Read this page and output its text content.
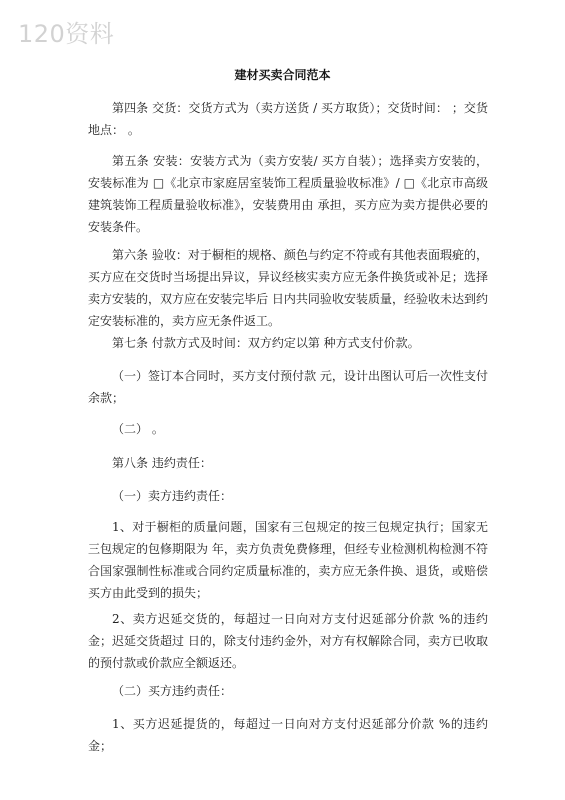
120资料
建材买卖合同范本

第四条 交货：交货方式为（卖方送货 / 买方取货）；交货时间： ；交货地点： 。

第五条 安装：安装方式为（卖方安装/ 买方自装）；选择卖方安装的，安装标准为 □《北京市家庭居室装饰工程质量验收标准》/ □《北京市高级建筑装饰工程质量验收标准》，安装费用由 承担，买方应为卖方提供必要的安装条件。

第六条 验收：对于橱柜的规格、颜色与约定不符或有其他表面瑕疵的，买方应在交货时当场提出异议，异议经核实卖方应无条件换货或补足；选择卖方安装的，双方应在安装完毕后 日内共同验收安装质量，经验收未达到约定安装标准的，卖方应无条件返工。

第七条 付款方式及时间：双方约定以第 种方式支付价款。

（一）签订本合同时，买方支付预付款 元，设计出图认可后一次性支付余款；

（二） 。

第八条 违约责任：

（一）卖方违约责任：

1、对于橱柜的质量问题，国家有三包规定的按三包规定执行；国家无三包规定的包修期限为 年，卖方负责免费修理，但经专业检测机构检测不符合国家强制性标准或合同约定质量标准的，卖方应无条件换、退货，或赔偿买方由此受到的损失；

2、卖方迟延交货的，每超过一日向对方支付迟延部分价款 %的违约金；迟延交货超过 日的，除支付违约金外，对方有权解除合同，卖方已收取的预付款或价款应全额返还。

（二）买方违约责任：

1、买方迟延提货的，每超过一日向对方支付迟延部分价款 %的违约金；
